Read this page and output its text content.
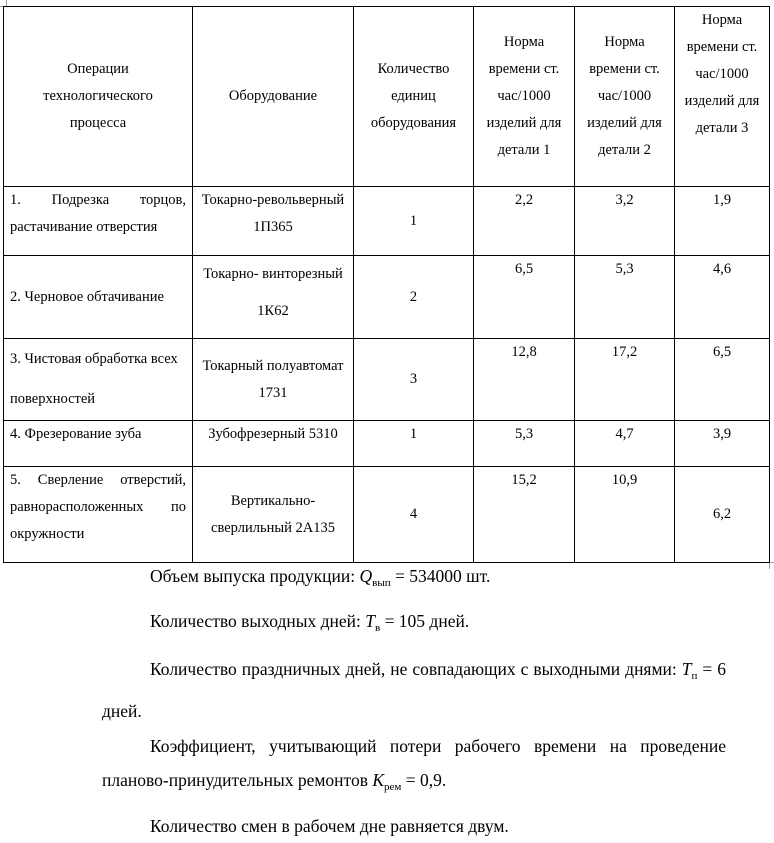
Операции технологического процесса	Оборудование	Количество единиц оборудования	Норма времени ст. час/1000 изделий для детали 1	Норма времени ст. час/1000 изделий для детали 2	Норма времени ст. час/1000 изделий для детали 3
1. Подрезка торцов, растачивание отверстия	Токарно-револьверный 1П365	1	2,2	3,2	1,9
2. Черновое обтачивание	Токарно- винторезный 1К62	2	6,5	5,3	4,6
3. Чистовая обработка всех поверхностей	Токарный полуавтомат 1731	3	12,8	17,2	6,5
4. Фрезерование зуба	Зубофрезерный 5310	1	5,3	4,7	3,9
5. Сверление отверстий, равнорасположенных по окружности	Вертикально-сверлильный 2А135	4	15,2	10,9	6,2
Объем выпуска продукции: $Q_{вып} = 534000$ шт.
Количество выходных дней: $T_в = 105$ дней.
Количество праздничных дней, не совпадающих с выходными днями: $T_п = 6$ дней.
Коэффициент, учитывающий потери рабочего времени на проведение планово-принудительных ремонтов $K_{рем} = 0,9$.
Количество смен в рабочем дне равняется двум.
